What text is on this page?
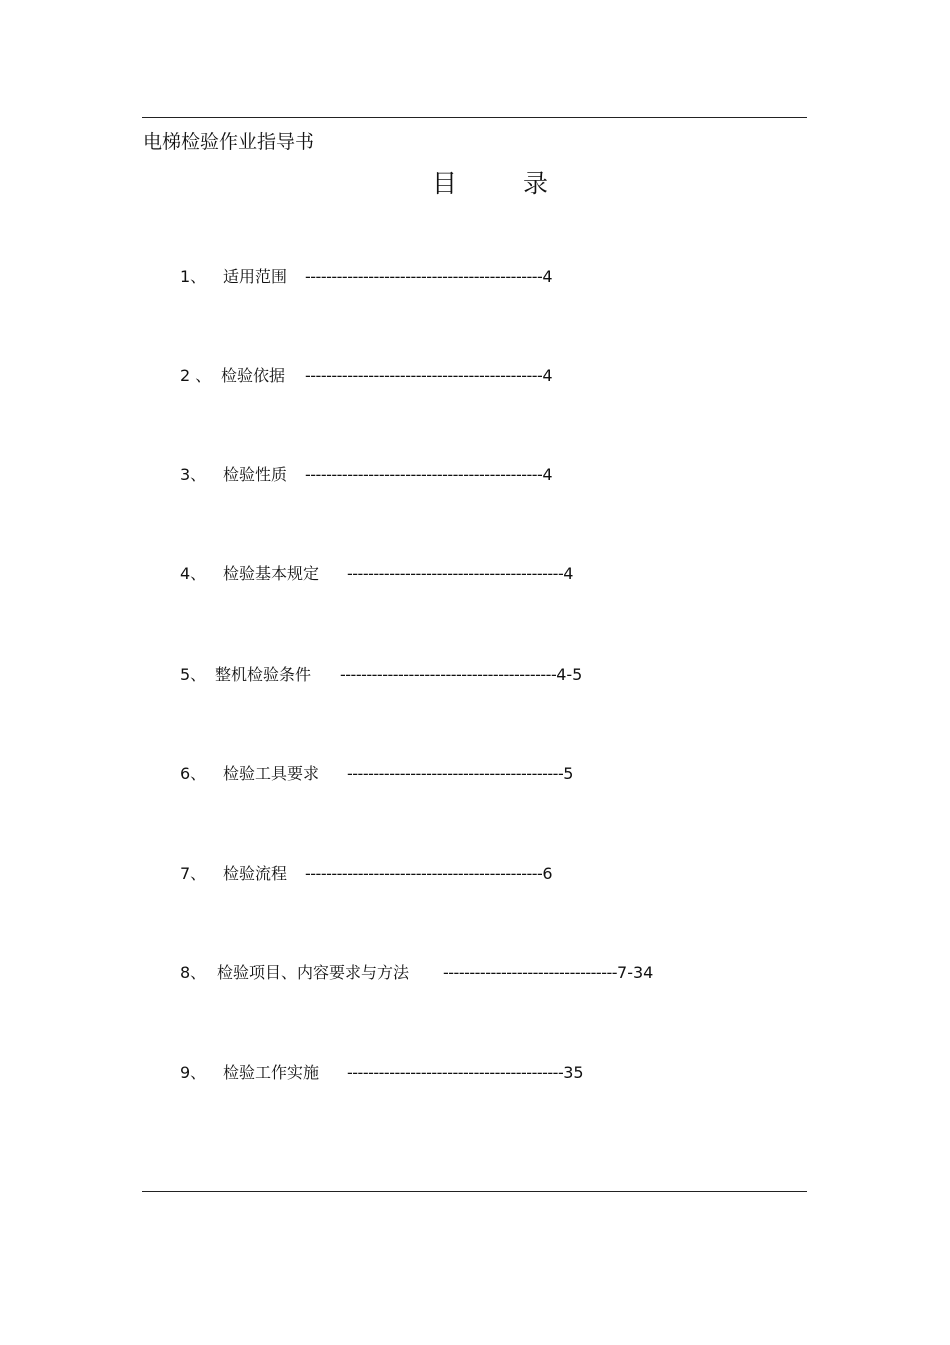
电梯检验作业指导书
目录
1、 适用范围 ---------------------------------------------4
2 、 检验依据 ---------------------------------------------4
3、 检验性质 ---------------------------------------------4
4、 检验基本规定 -----------------------------------------4
5、 整机检验条件 -----------------------------------------4-5
6、 检验工具要求 -----------------------------------------5
7、 检验流程 ---------------------------------------------6
8、 检验项目、内容要求与方法 ---------------------------------7-34
9、 检验工作实施 -----------------------------------------35
